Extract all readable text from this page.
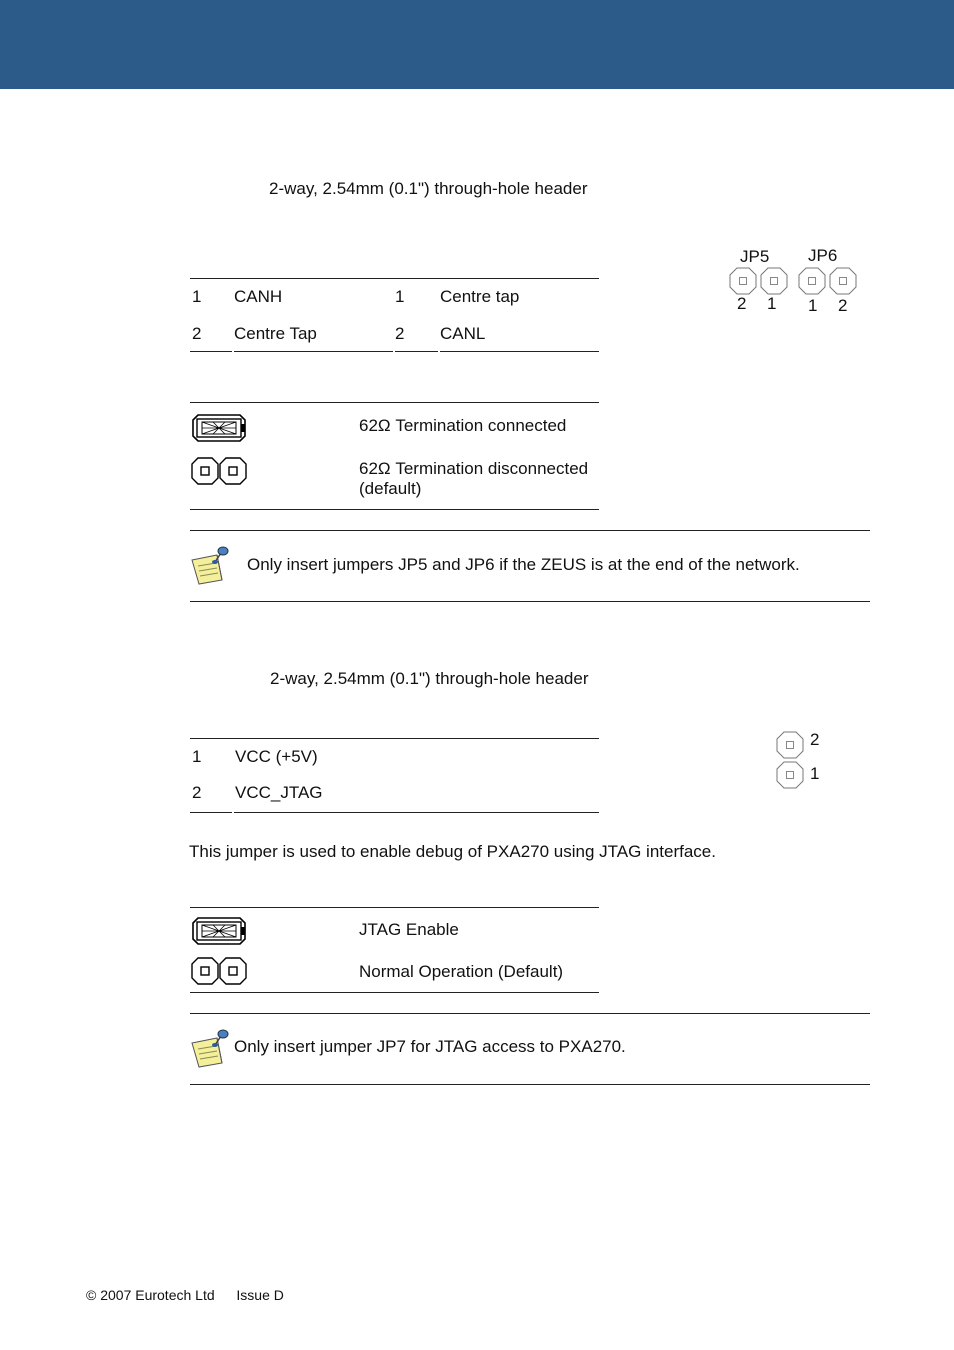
2-way, 2.54mm (0.1") through-hole header
1 CANH	1 Centre tap
2 Centre Tap	2 CANL
JP5 JP6
2 1 1 2
62Ω Termination connected
62Ω Termination disconnected
(default)
Only insert jumpers JP5 and JP6 if the ZEUS is at the end of the network.
2-way, 2.54mm (0.1") through-hole header
1 VCC (+5V)
2 VCC_JTAG
2
1
This jumper is used to enable debug of PXA270 using JTAG interface.
JTAG Enable
Normal Operation (Default)
Only insert jumper JP7 for JTAG access to PXA270.
© 2007 Eurotech Ltd Issue D
